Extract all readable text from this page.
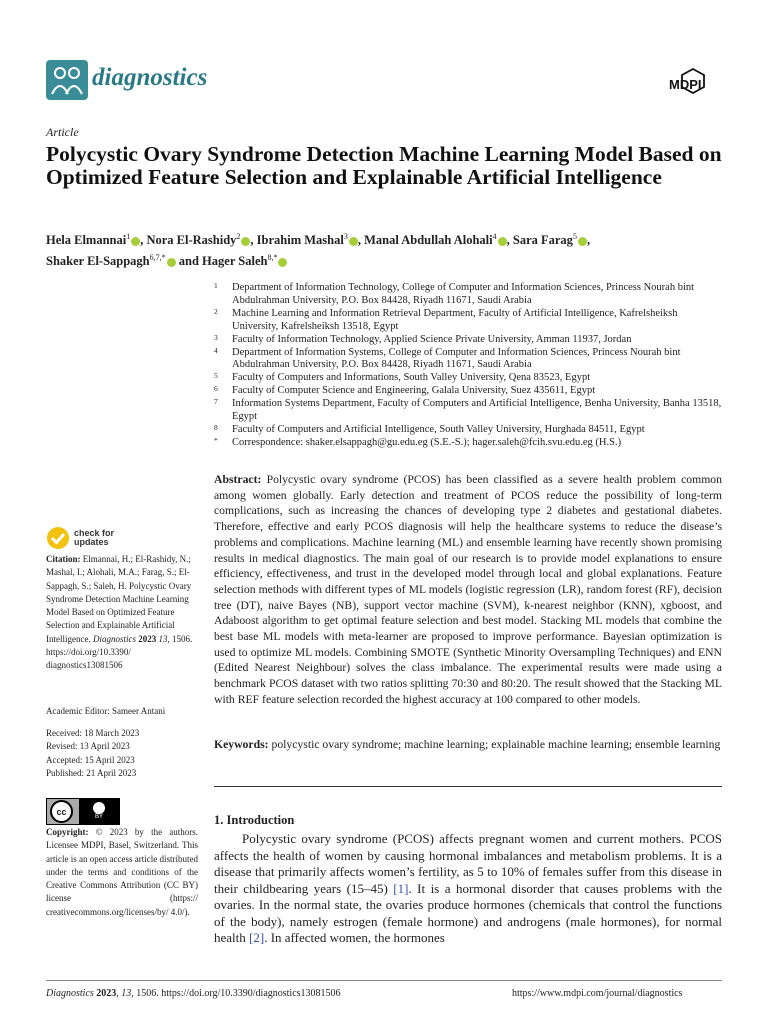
diagnostics	MDPI
Article
Polycystic Ovary Syndrome Detection Machine Learning Model Based on Optimized Feature Selection and Explainable Artificial Intelligence
Hela Elmannai$^1$ , Nora El-Rashidy$^2$ , Ibrahim Mashal$^3$ , Manal Abdullah Alohali$^4$ , Sara Farag$^5$ ,
Shaker El-Sappagh$^{6,7,*}$ and Hager Saleh$^{8,*}$
1 Department of Information Technology, College of Computer and Information Sciences, Princess Nourah bint Abdulrahman University, P.O. Box 84428, Riyadh 11671, Saudi Arabia
2 Machine Learning and Information Retrieval Department, Faculty of Artificial Intelligence, Kafrelsheiksh University, Kafrelsheiksh 13518, Egypt
3 Faculty of Information Technology, Applied Science Private University, Amman 11937, Jordan
4 Department of Information Systems, College of Computer and Information Sciences, Princess Nourah bint Abdulrahman University, P.O. Box 84428, Riyadh 11671, Saudi Arabia
5 Faculty of Computers and Informations, South Valley University, Qena 83523, Egypt
6 Faculty of Computer Science and Engineering, Galala University, Suez 435611, Egypt
7 Information Systems Department, Faculty of Computers and Artificial Intelligence, Benha University, Banha 13518, Egypt
8 Faculty of Computers and Artificial Intelligence, South Valley University, Hurghada 84511, Egypt
* Correspondence: shaker.elsappagh@gu.edu.eg (S.E.-S.); hager.saleh@fcih.svu.edu.eg (H.S.)
Abstract: Polycystic ovary syndrome (PCOS) has been classified as a severe health problem common among women globally. Early detection and treatment of PCOS reduce the possibility of long-term complications, such as increasing the chances of developing type 2 diabetes and gestational diabetes. Therefore, effective and early PCOS diagnosis will help the healthcare systems to reduce the disease’s problems and complications. Machine learning (ML) and ensemble learning have recently shown promising results in medical diagnostics. The main goal of our research is to provide model explanations to ensure efficiency, effectiveness, and trust in the developed model through local and global explanations. Feature selection methods with different types of ML models (logistic regression (LR), random forest (RF), decision tree (DT), naive Bayes (NB), support vector machine (SVM), k-nearest neighbor (KNN), xgboost, and Adaboost algorithm to get optimal feature selection and best model. Stacking ML models that combine the best base ML models with meta-learner are proposed to improve performance. Bayesian optimization is used to optimize ML models. Combining SMOTE (Synthetic Minority Oversampling Techniques) and ENN (Edited Nearest Neighbour) solves the class imbalance. The experimental results were made using a benchmark PCOS dataset with two ratios splitting 70:30 and 80:20. The result showed that the Stacking ML with REF feature selection recorded the highest accuracy at 100 compared to other models.
Keywords: polycystic ovary syndrome; machine learning; explainable machine learning; ensemble learning
1. Introduction
Polycystic ovary syndrome (PCOS) affects pregnant women and current mothers. PCOS affects the health of women by causing hormonal imbalances and metabolism problems. It is a disease that primarily affects women’s fertility, as 5 to 10% of females suffer from this disease in their childbearing years (15–45) [1]. It is a hormonal disorder that causes problems with the ovaries. In the normal state, the ovaries produce hormones (chemicals that control the functions of the body), namely estrogen (female hormone) and androgens (male hormones), for normal health [2]. In affected women, the hormones
check for
updates
Citation: Elmannai, H.; El-Rashidy, N.; Mashal, I.; Alohali, M.A.; Farag, S.; El-Sappagh, S.; Saleh, H. Polycystic Ovary Syndrome Detection Machine Learning Model Based on Optimized Feature Selection and Explainable Artificial Intelligence. Diagnostics 2023 13, 1506. https://doi.org/10.3390/ diagnostics13081506
Academic Editor: Sameer Antani
Received: 18 March 2023
Revised: 13 April 2023
Accepted: 15 April 2023
Published: 21 April 2023
cc
BY
Copyright: © 2023 by the authors. Licensee MDPI, Basel, Switzerland. This article is an open access article distributed under the terms and conditions of the Creative Commons Attribution (CC BY) license (https:// creativecommons.org/licenses/by/ 4.0/).
Diagnostics 2023, 13, 1506. https://doi.org/10.3390/diagnostics13081506	https://www.mdpi.com/journal/diagnostics
